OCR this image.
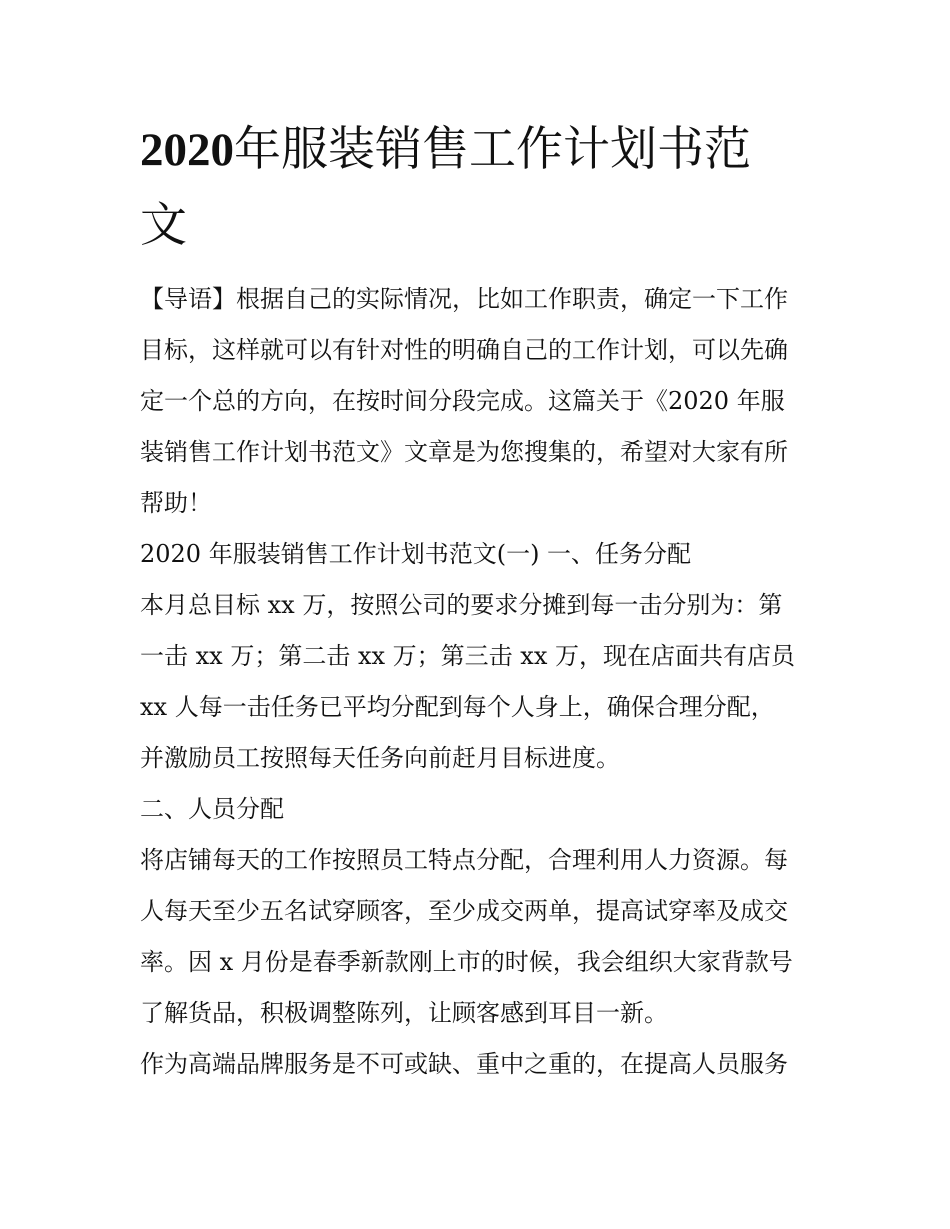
2020年服装销售工作计划书范
文

【导语】根据自己的实际情况，比如工作职责，确定一下工作
目标，这样就可以有针对性的明确自己的工作计划，可以先确
定一个总的方向，在按时间分段完成。这篇关于《2020 年服
装销售工作计划书范文》文章是为您搜集的，希望对大家有所
帮助！

2020 年服装销售工作计划书范文(一) 一、任务分配

本月总目标 xx 万，按照公司的要求分摊到每一击分别为：第
一击 xx 万；第二击 xx 万；第三击 xx 万，现在店面共有店员
xx 人每一击任务已平均分配到每个人身上，确保合理分配，
并激励员工按照每天任务向前赶月目标进度。

二、人员分配

将店铺每天的工作按照员工特点分配，合理利用人力资源。每
人每天至少五名试穿顾客，至少成交两单，提高试穿率及成交
率。因 x 月份是春季新款刚上市的时候，我会组织大家背款号
了解货品，积极调整陈列，让顾客感到耳目一新。

作为高端品牌服务是不可或缺、重中之重的，在提高人员服务
